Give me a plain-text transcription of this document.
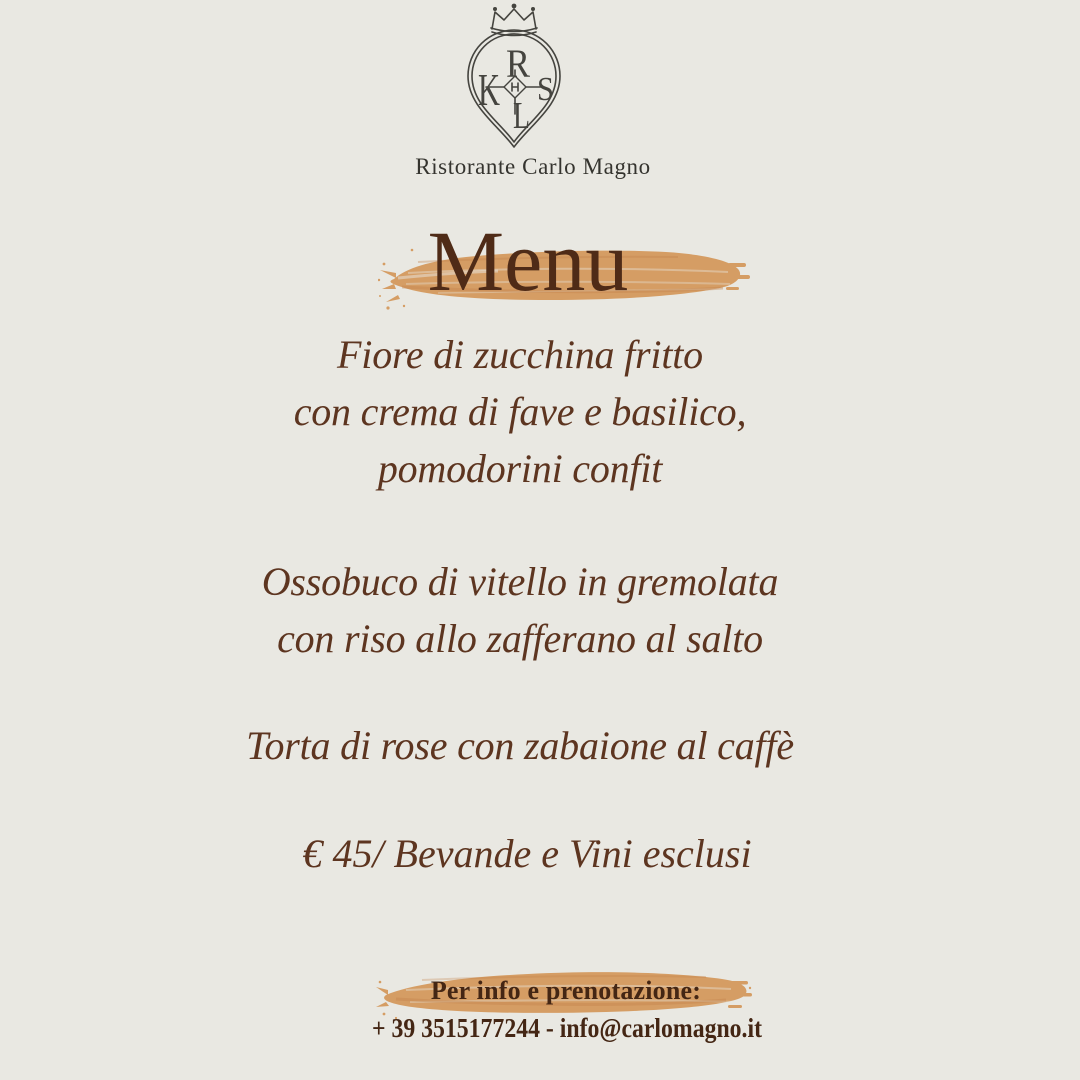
K
R
S
L
Ristorante Carlo Magno
Menu

Fiore di zucchina fritto

con crema di fave e basilico,

pomodorini confit

Ossobuco di vitello in gremolata

con riso allo zafferano al salto

Torta di rose con zabaione al caffè

€ 45/ Bevande e Vini esclusi
Per info e prenotazione:
+ 39 3515177244 - info@carlomagno.it
